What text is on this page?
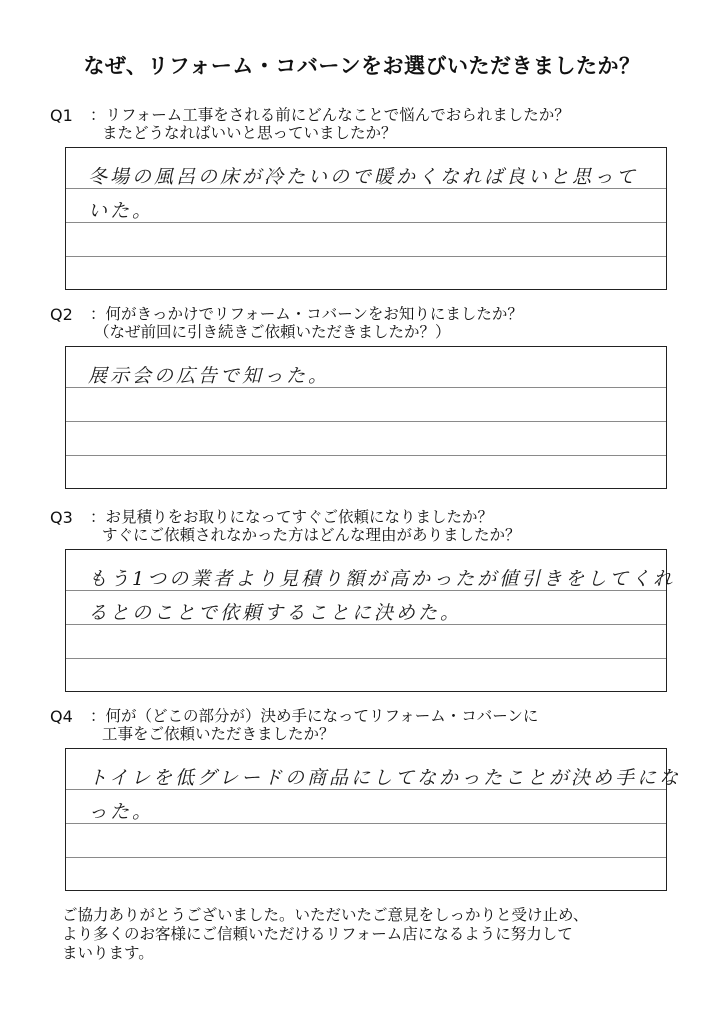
なぜ、リフォーム・コバーンをお選びいただきましたか？
Q1 ：リフォーム工事をされる前にどんなことで悩んでおられましたか？
またどうなればいいと思っていましたか？
冬場の風呂の床が冷たいので暖かくなれば良いと思って
いた。
Q2 ：何がきっかけでリフォーム・コバーンをお知りにましたか？
（なぜ前回に引き続きご依頼いただきましたか？）
展示会の広告で知った。
Q3 ：お見積りをお取りになってすぐご依頼になりましたか？
すぐにご依頼されなかった方はどんな理由がありましたか？
もう1つの業者より見積り額が高かったが値引きをしてくれ
るとのことで依頼することに決めた。
Q4 ：何が（どこの部分が）決め手になってリフォーム・コバーンに
工事をご依頼いただきましたか？
トイレを低グレードの商品にしてなかったことが決め手にな
った。
ご協力ありがとうございました。いただいたご意見をしっかりと受け止め、
より多くのお客様にご信頼いただけるリフォーム店になるように努力して
まいります。
